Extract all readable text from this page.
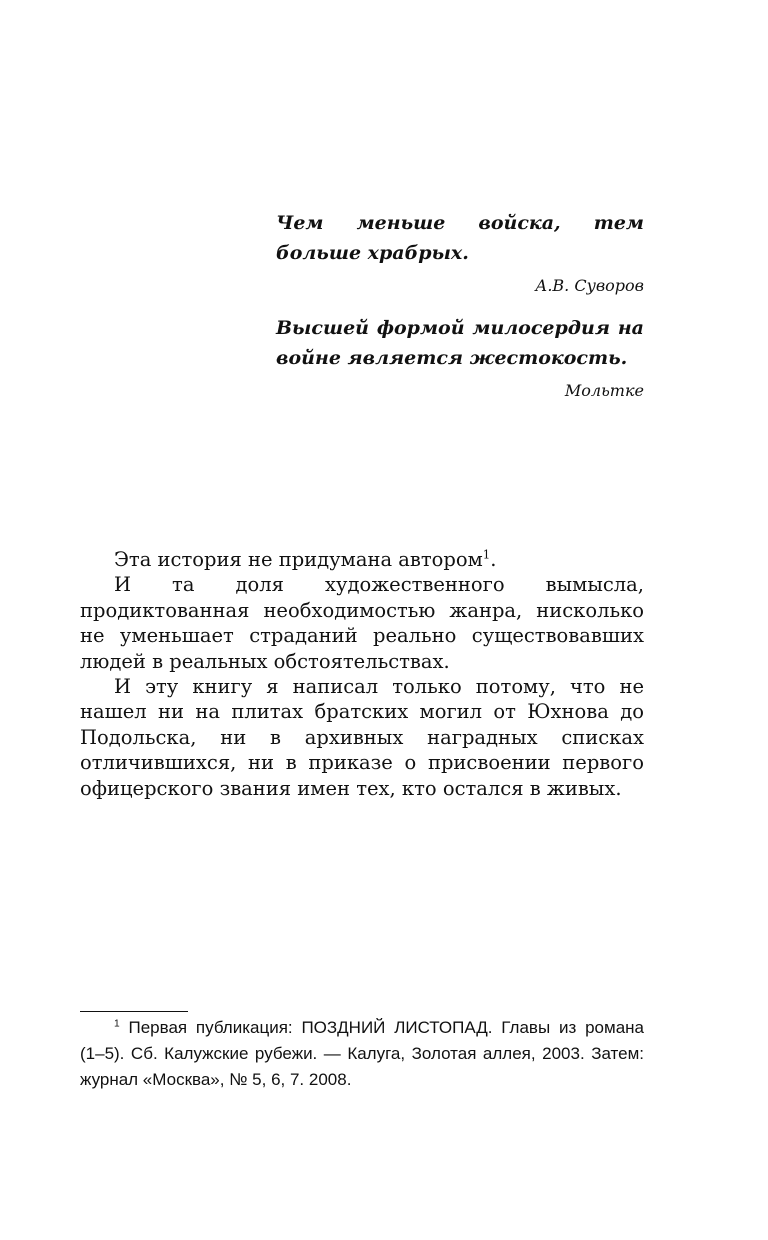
Чем меньше войска, тем больше храбрых.
А.В. Суворов
Высшей формой милосердия на войне является жестокость.
Мольтке

Эта история не придумана автором$^1$.

И та доля художественного вымысла, продиктованная необходимостью жанра, нисколько не уменьшает страданий реально существовавших людей в реальных обстоятельствах.

И эту книгу я написал только потому, что не нашел ни на плитах братских могил от Юхнова до Подольска, ни в архивных наградных списках отличившихся, ни в приказе о присвоении первого офицерского звания имен тех, кто остался в живых.

$^1$ Первая публикация: ПОЗДНИЙ ЛИСТОПАД. Главы из романа (1–5). Сб. Калужские рубежи. — Калуга, Золотая аллея, 2003. Затем: журнал «Москва», № 5, 6, 7. 2008.
